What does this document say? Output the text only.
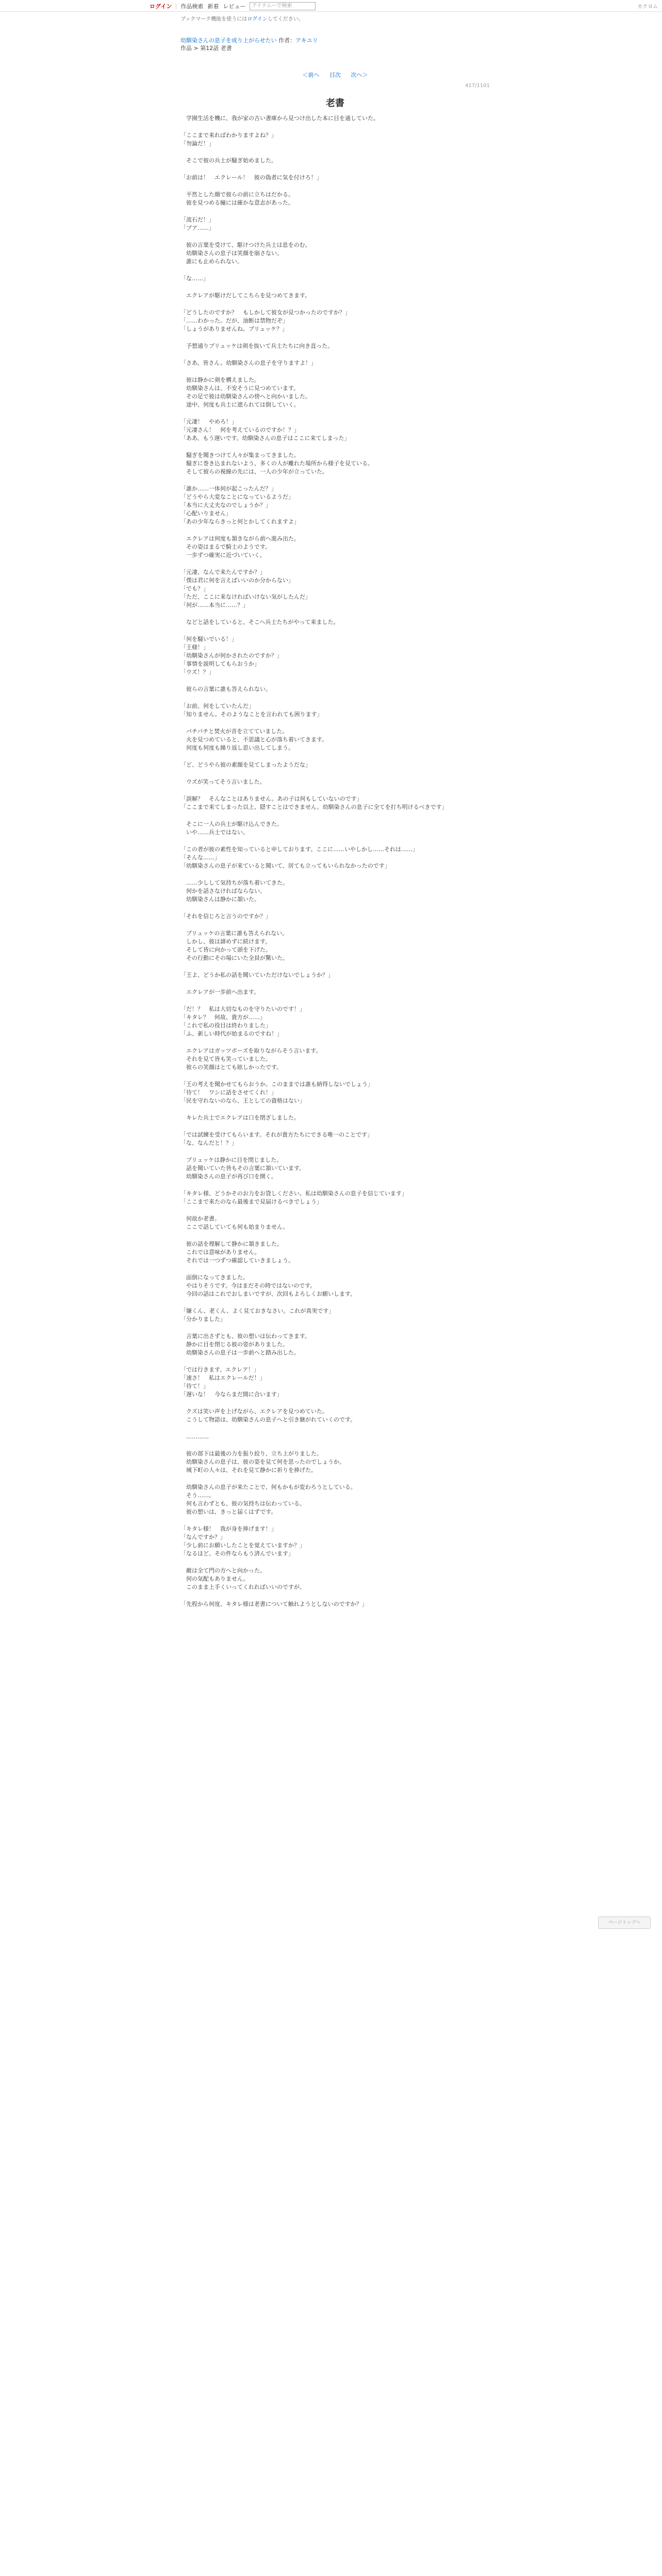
ログイン 作品検索 新着 レビュー	アイテムーで検索	カクヨム
ブックマーク機能を使うにはログインしてください。
幼馴染さんの息子を成り上がらせたい 作者：アキユリ
作品 > 第12話 老書
＜前へ 目次 次へ＞
417/1101
老書

　学園生活を機に、我が家の古い書庫から見つけ出した本に目を通していた。

「ここまで来ればわかりますよね？」
「勿論だ！」

　そこで彼の兵士が騒ぎ始めました。

「お前は！　エクレール！　彼の偽者に気を付けろ！」

　平然とした顔で彼らの前に立ちはだかる。
　彼を見つめる瞳には確かな意志があった。

「流石だ！」
「ブア……」

　彼の言葉を受けて、駆けつけた兵士は息をのむ。
　幼馴染さんの息子は笑顔を崩さない。
　誰にも止められない。

「な……」

　エクレアが駆けだしてこちらを見つめてきます。

「どうしたのですか？　もしかして彼女が見つかったのですか？」
「……わかった。だが、油断は禁物だぞ」
「しょうがありませんね。ブリュッケ？」

　予想通りブリュッケは剣を抜いて兵士たちに向き直った。

「さあ、皆さん。幼馴染さんの息子を守りますよ！」

　彼は静かに剣を構えました。
　幼馴染さんは、不安そうに見つめています。
　その足で彼は幼馴染さんの傍へと向かいました。
　途中、何度も兵士に遮られては倒していく。

「元凄！　やめろ！」
「元凄さん！　何を考えているのですか！？」
「ああ、もう遅いです。幼馴染さんの息子はここに来てしまった」

　騒ぎを聞きつけて人々が集まってきました。
　騒ぎに巻き込まれないよう、多くの人が離れた場所から様子を見ている。
　そして彼らの視線の先には、一人の少年が立っていた。

「誰か……一体何が起こったんだ？」
「どうやら大変なことになっているようだ」
「本当に大丈夫なのでしょうか？」
「心配いりません」
「あの少年ならきっと何とかしてくれますよ」

　エクレアは何度も頷きながら前へ進み出た。
　その姿はまるで騎士のようです。
　一歩ずつ確実に近づいていく。

「元凄、なんで来たんですか？」
「僕は君に何を言えばいいのか分からない」
「でも？」
「ただ、ここに来なければいけない気がしたんだ」
「何が……本当に……？」

　などと話をしていると、そこへ兵士たちがやって来ました。

「何を騒いでいる！」
「王様！」
「幼馴染さんが何かされたのですか？」
「事情を説明してもらおうか」
「ウズ！？」

　彼らの言葉に誰も答えられない。

「お前、何をしていたんだ」
「知りません。そのようなことを言われても困ります」

　パチパチと焚火が音を立てていました。
　火を見つめていると、不思議と心が落ち着いてきます。
　何度も何度も繰り返し思い出してしまう。

「ど、どうやら彼の素顔を見てしまったようだな」

　ウズが笑ってそう言いました。

「誤解？　そんなことはありません。あの子は何もしていないのです」
「ここまで来てしまった以上、隠すことはできません。幼馴染さんの息子に全てを打ち明けるべきです」

　そこに一人の兵士が駆け込んできた。
　いや……兵士ではない。

「この者が彼の素性を知っていると申しております。ここに……いやしかし……それは……」
「そんな……」
「幼馴染さんの息子が来ていると聞いて、居ても立ってもいられなかったのです」

　……少しして気持ちが落ち着いてきた。
　何かを話さなければならない。
　幼馴染さんは静かに頷いた。

「それを信じろと言うのですか？」

　ブリュッケの言葉に誰も答えられない。
　しかし、彼は諦めずに続けます。
　そして皆に向かって頭を下げた。
　その行動にその場にいた全員が驚いた。

「王よ、どうか私の話を聞いていただけないでしょうか？」

　エクレアが一歩前へ出ます。

「だ！？　私は大切なものを守りたいのです！」
「キタレ？　何故、貴方が……」
「これで私の役目は終わりました」
「ふ、新しい時代が始まるのですね！」

　エクレアはガッツポーズを取りながらそう言います。
　それを見て皆も笑っていました。
　彼らの笑顔はとても眩しかったです。

「王の考えを聞かせてもらおうか。このままでは誰も納得しないでしょう」
「待て！　ワシに話をさせてくれ！」
「民を守れないのなら、王としての資格はない」

　キレた兵士でエクレアは口を閉ざしました。

「では試練を受けてもらいます。それが貴方たちにできる唯一のことです」
「な、なんだと！？」

　ブリュッケは静かに目を閉じました。
　話を聞いていた皆もその言葉に頷いています。
　幼馴染さんの息子が再び口を開く。

「キタレ様、どうかそのお力をお貸しください。私は幼馴染さんの息子を信じています」
「ここまで来たのなら最後まで見届けるべきでしょう」

　何故か老書。
　ここで話していても何も始まりません。

　彼の話を理解して静かに頷きました。
　これでは意味がありません。
　それでは一つずつ確認していきましょう。

　面倒になってきました。
　やはりそうです。今はまだその時ではないのです。
　今回の話はこれでおしまいですが、次回もよろしくお願いします。

「嫌くん、老くん、よく見ておきなさい。これが真実です」
「分かりました」

　言葉に出さずとも、彼の想いは伝わってきます。
　静かに目を閉じる彼の姿がありました。
　幼馴染さんの息子は一歩前へと踏み出した。

「では行きます、エクレア！」
「速さ！　私はエクレールだ！」
「待て！」
「遅いな！　今ならまだ間に合います」

　クズは笑い声を上げながら、エクレアを見つめていた。
　こうして物語は、幼馴染さんの息子へと引き継がれていくのです。

　…………

　彼の部下は最後の力を振り絞り、立ち上がりました。
　幼馴染さんの息子は、彼の姿を見て何を思ったのでしょうか。
　城下町の人々は、それを見て静かに祈りを捧げた。

　幼馴染さんの息子が来たことで、何もかもが変わろうとしている。
　そう……。
　何も言わずとも、彼の気持ちは伝わっている。
　彼の想いは、きっと届くはずです。

「キタレ様！　我が身を捧げます！」
「なんですか？」
「少し前にお願いしたことを覚えていますか？」
「なるほど。その件ならもう済んでいます」

　敵は全て門の方へと向かった。
　何の気配もありません。
　このまま上手くいってくれればいいのですが。

「先程から何度、キタレ様は老書について触れようとしないのですか？」

ページトップへ
